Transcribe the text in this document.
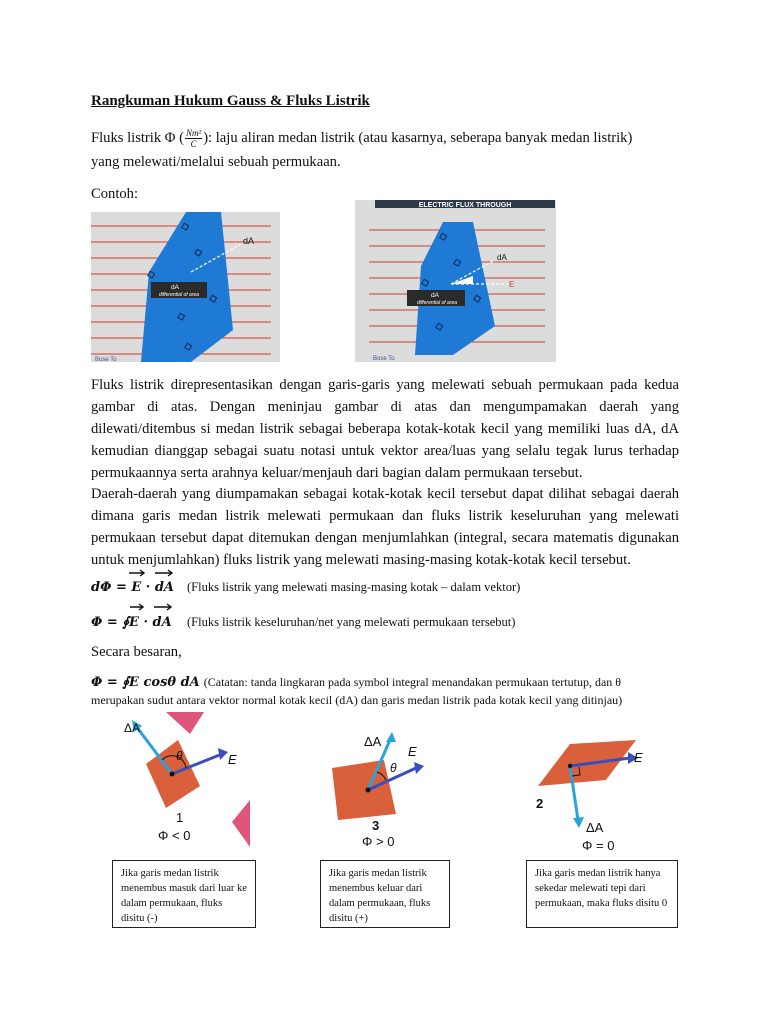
Rangkuman Hukum Gauss & Fluks Listrik
Fluks listrik Φ ( $\frac{\text{Nm²}}{C}$ ): laju aliran medan listrik (atau kasarnya, seberapa banyak medan listrik)
yang melewati/melalui sebuah permukaan.
Contoh:
dA
dA
differential of area
Bose To
ELECTRIC FLUX THROUGH
dA
E
dA
differential of area
Bose To
Fluks listrik direpresentasikan dengan garis-garis yang melewati sebuah permukaan pada kedua gambar di atas. Dengan meninjau gambar di atas dan mengumpamakan daerah yang dilewati/ditembus si medan listrik sebagai beberapa kotak-kotak kecil yang memiliki luas dA, dA kemudian dianggap sebagai suatu notasi untuk vektor area/luas yang selalu tegak lurus terhadap permukaannya serta arahnya keluar/menjauh dari bagian dalam permukaan tersebut.
Daerah-daerah yang diumpamakan sebagai kotak-kotak kecil tersebut dapat dilihat sebagai daerah dimana garis medan listrik melewati permukaan dan fluks listrik keseluruhan yang melewati permukaan tersebut dapat ditemukan dengan menjumlahkan (integral, secara matematis digunakan untuk menjumlahkan) fluks listrik yang melewati masing-masing kotak-kotak kecil tersebut.
dΦ = E · dA (Fluks listrik yang melewati masing-masing kotak – dalam vektor)
Φ = ∮E · dA (Fluks listrik keseluruhan/net yang melewati permukaan tersebut)
Secara besaran,
Φ = ∮E cosθ dA (Catatan: tanda lingkaran pada symbol integral menandakan permukaan tertutup, dan θ
merupakan sudut antara vektor normal kotak kecil (dA) dan garis medan listrik pada kotak kecil yang ditinjau)
ΔA
θ	E
1
Φ < 0
ΔA
θ
E
3
Φ > 0
E
2
ΔA
Φ = 0
Jika garis medan listrik menembus masuk dari luar ke dalam permukaan, fluks disitu (-)
Jika garis medan listrik menembus keluar dari dalam permukaan, fluks disitu (+)
Jika garis medan listrik hanya sekedar melewati tepi dari permukaan, maka fluks disitu 0
